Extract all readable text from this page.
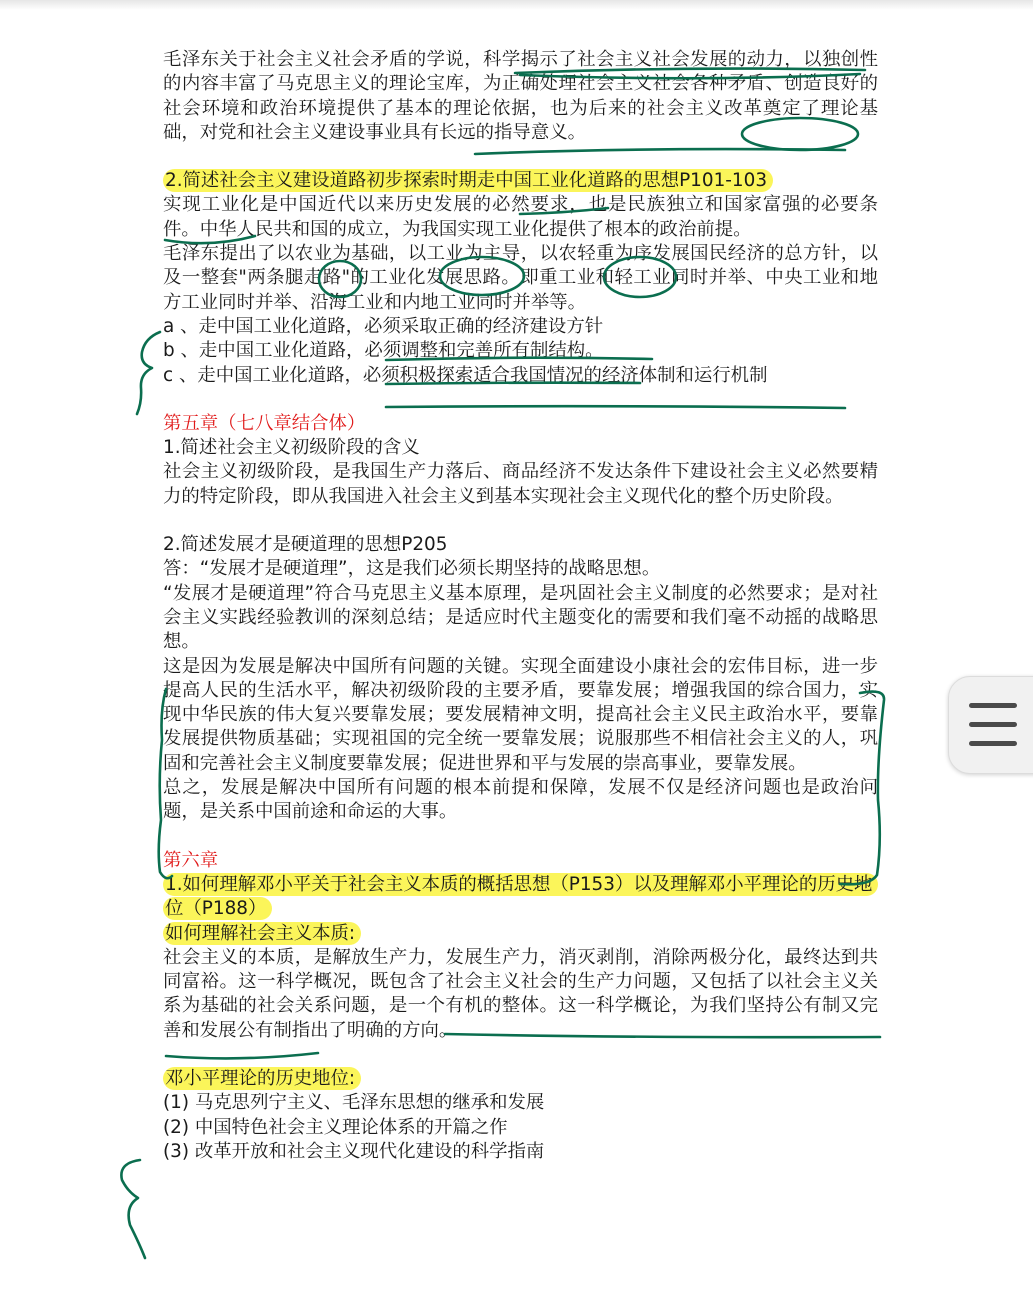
毛泽东关于社会主义社会矛盾的学说，科学揭示了社会主义社会发展的动力，以独创性的内容丰富了马克思主义的理论宝库，为正确处理社会主义社会各种矛盾、创造良好的社会环境和政治环境提供了基本的理论依据，也为后来的社会主义改革奠定了理论基础，对党和社会主义建设事业具有长远的指导意义。

2.简述社会主义建设道路初步探索时期走中国工业化道路的思想P101-103

实现工业化是中国近代以来历史发展的必然要求，也是民族独立和国家富强的必要条件。中华人民共和国的成立，为我国实现工业化提供了根本的政治前提。

毛泽东提出了以农业为基础，以工业为主导，以农轻重为序发展国民经济的总方针，以及一整套"两条腿走路"的工业化发展思路。即重工业和轻工业同时并举、中央工业和地方工业同时并举、沿海工业和内地工业同时并举等。

a 、走中国工业化道路，必须采取正确的经济建设方针

b 、走中国工业化道路，必须调整和完善所有制结构。

c 、走中国工业化道路，必须积极探索适合我国情况的经济体制和运行机制

第五章（七八章结合体）

1.简述社会主义初级阶段的含义

社会主义初级阶段，是我国生产力落后、商品经济不发达条件下建设社会主义必然要精力的特定阶段，即从我国进入社会主义到基本实现社会主义现代化的整个历史阶段。

2.简述发展才是硬道理的思想P205

答：“发展才是硬道理”，这是我们必须长期坚持的战略思想。

“发展才是硬道理”符合马克思主义基本原理，是巩固社会主义制度的必然要求；是对社会主义实践经验教训的深刻总结；是适应时代主题变化的需要和我们毫不动摇的战略思想。

这是因为发展是解决中国所有问题的关键。实现全面建设小康社会的宏伟目标，进一步提高人民的生活水平，解决初级阶段的主要矛盾，要靠发展；增强我国的综合国力，实现中华民族的伟大复兴要靠发展；要发展精神文明，提高社会主义民主政治水平，要靠发展提供物质基础；实现祖国的完全统一要靠发展；说服那些不相信社会主义的人，巩固和完善社会主义制度要靠发展；促进世界和平与发展的崇高事业，要靠发展。

总之，发展是解决中国所有问题的根本前提和保障，发展不仅是经济问题也是政治问题，是关系中国前途和命运的大事。

第六章

1.如何理解邓小平关于社会主义本质的概括思想（P153）以及理解邓小平理论的历史地位（P188）

如何理解社会主义本质:

社会主义的本质，是解放生产力，发展生产力，消灭剥削，消除两极分化，最终达到共同富裕。这一科学概况，既包含了社会主义社会的生产力问题，又包括了以社会主义关系为基础的社会关系问题，是一个有机的整体。这一科学概论，为我们坚持公有制又完善和发展公有制指出了明确的方向。

邓小平理论的历史地位:

(1) 马克思列宁主义、毛泽东思想的继承和发展

(2) 中国特色社会主义理论体系的开篇之作

(3) 改革开放和社会主义现代化建设的科学指南
